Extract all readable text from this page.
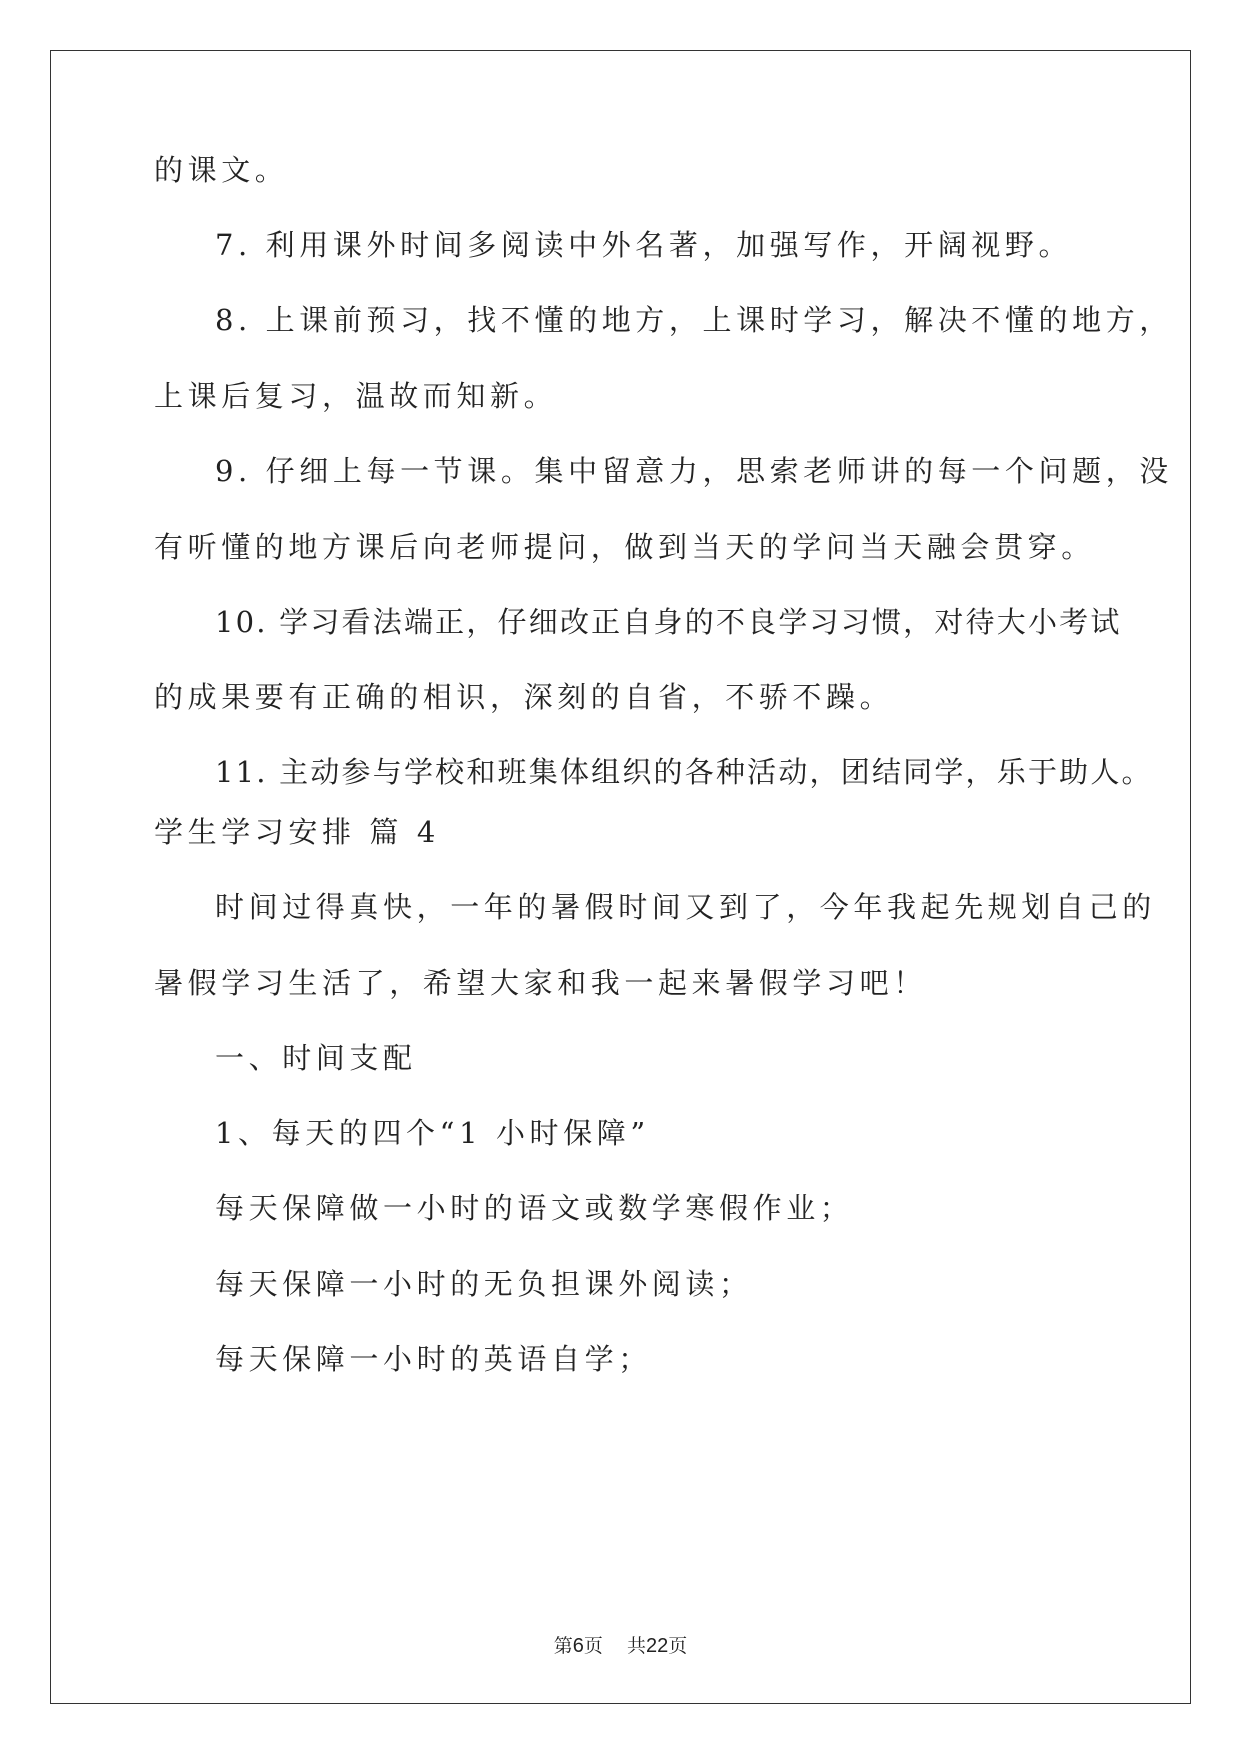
的课文。
7. 利用课外时间多阅读中外名著，加强写作，开阔视野。
8. 上课前预习，找不懂的地方，上课时学习，解决不懂的地方，
上课后复习，温故而知新。
9. 仔细上每一节课。集中留意力，思索老师讲的每一个问题，没
有听懂的地方课后向老师提问，做到当天的学问当天融会贯穿。
10. 学习看法端正，仔细改正自身的不良学习习惯，对待大小考试
的成果要有正确的相识，深刻的自省，不骄不躁。
11. 主动参与学校和班集体组织的各种活动，团结同学，乐于助人。
学生学习安排 篇 4
时间过得真快，一年的暑假时间又到了，今年我起先规划自己的
暑假学习生活了，希望大家和我一起来暑假学习吧！
一、时间支配
1、每天的四个“1 小时保障”
每天保障做一小时的语文或数学寒假作业；
每天保障一小时的无负担课外阅读；
每天保障一小时的英语自学；
第6页    共22页
